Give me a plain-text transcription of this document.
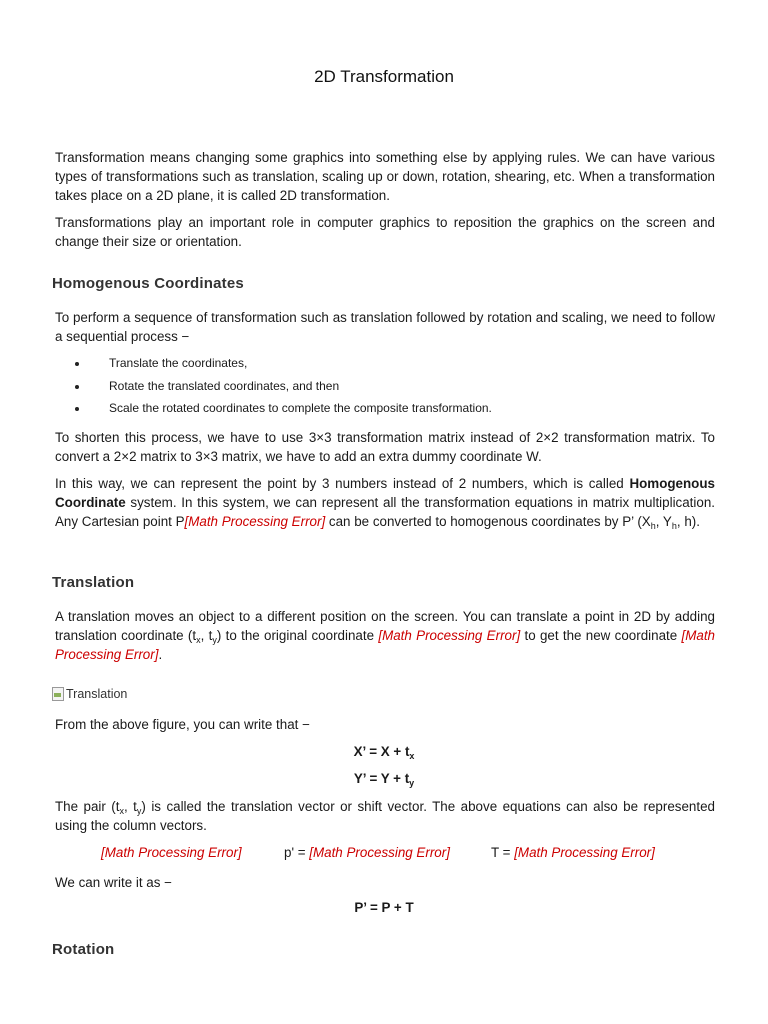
2D Transformation

Transformation means changing some graphics into something else by applying rules. We can have various types of transformations such as translation, scaling up or down, rotation, shearing, etc. When a transformation takes place on a 2D plane, it is called 2D transformation.

Transformations play an important role in computer graphics to reposition the graphics on the screen and change their size or orientation.

Homogenous Coordinates

To perform a sequence of transformation such as translation followed by rotation and scaling, we need to follow a sequential process −

Translate the coordinates,
Rotate the translated coordinates, and then
Scale the rotated coordinates to complete the composite transformation.

To shorten this process, we have to use 3×3 transformation matrix instead of 2×2 transformation matrix. To convert a 2×2 matrix to 3×3 matrix, we have to add an extra dummy coordinate W.

In this way, we can represent the point by 3 numbers instead of 2 numbers, which is called Homogenous Coordinate system. In this system, we can represent all the transformation equations in matrix multiplication. Any Cartesian point P[Math Processing Error] can be converted to homogenous coordinates by P’ ($X_h$, $Y_h$, h).

Translation

A translation moves an object to a different position on the screen. You can translate a point in 2D by adding translation coordinate ($t_x$, $t_y$) to the original coordinate [Math Processing Error] to get the new coordinate [Math Processing Error].

Translation

From the above figure, you can write that −

X’ = $X + t_x$
Y’ = $Y + t_y$

The pair ($t_x$, $t_y$) is called the translation vector or shift vector. The above equations can also be represented using the column vectors.

[Math Processing Error]	p' = [Math Processing Error]	T = [Math Processing Error]

We can write it as −

P’ = P + T
Rotation
